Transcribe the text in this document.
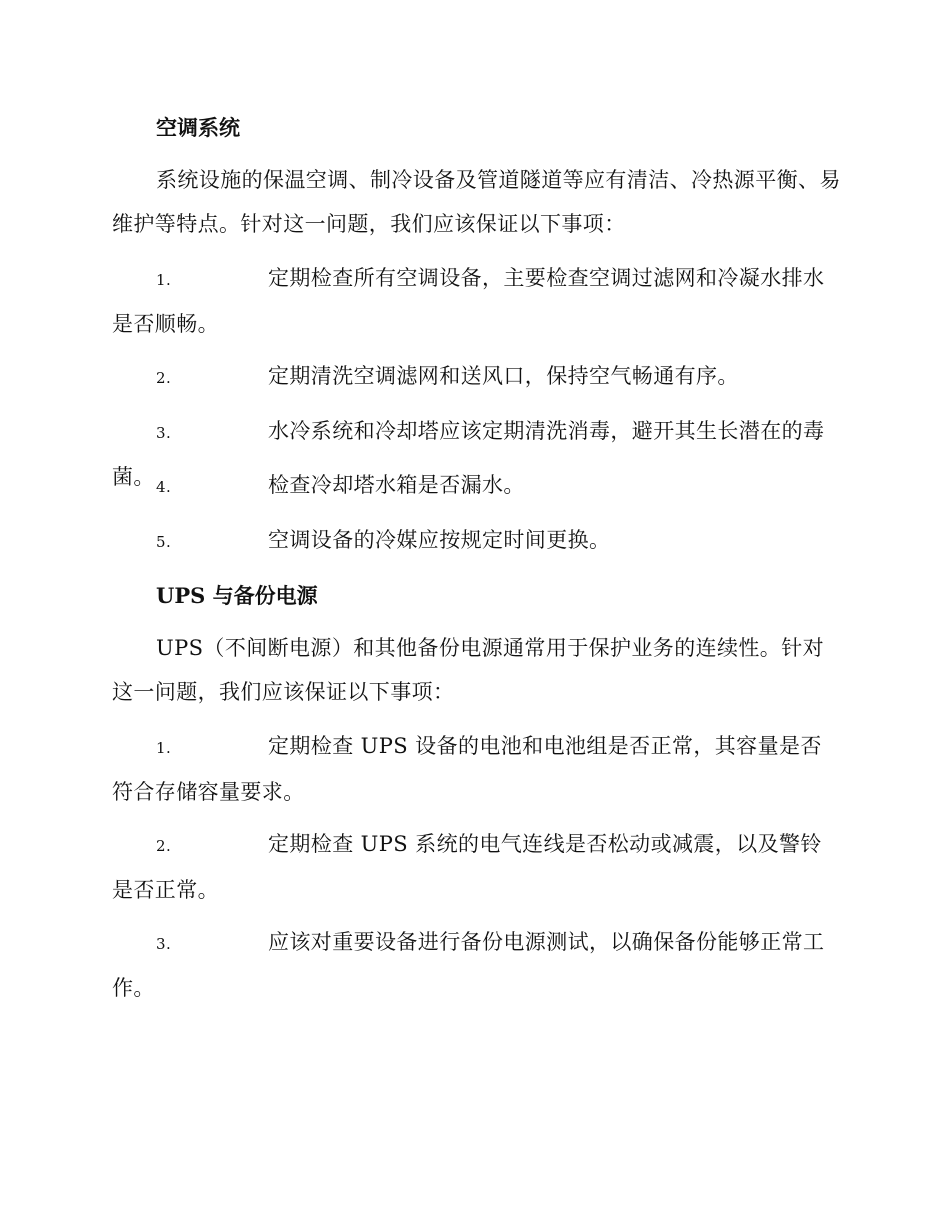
空调系统
系统设施的保温空调、制冷设备及管道隧道等应有清洁、冷热源平衡、易维护等特点。针对这一问题，我们应该保证以下事项：
1.	定期检查所有空调设备，主要检查空调过滤网和冷凝水排水是否顺畅。
2.	定期清洗空调滤网和送风口，保持空气畅通有序。
3.	水冷系统和冷却塔应该定期清洗消毒，避开其生长潜在的毒菌。 4.	检查冷却塔水箱是否漏水。
5.	空调设备的冷媒应按规定时间更换。
UPS 与备份电源
UPS（不间断电源）和其他备份电源通常用于保护业务的连续性。针对这一问题，我们应该保证以下事项：
1.	定期检查 UPS 设备的电池和电池组是否正常，其容量是否符合存储容量要求。
2.	定期检查 UPS 系统的电气连线是否松动或减震，以及警铃是否正常。
3.	应该对重要设备进行备份电源测试，以确保备份能够正常工作。
